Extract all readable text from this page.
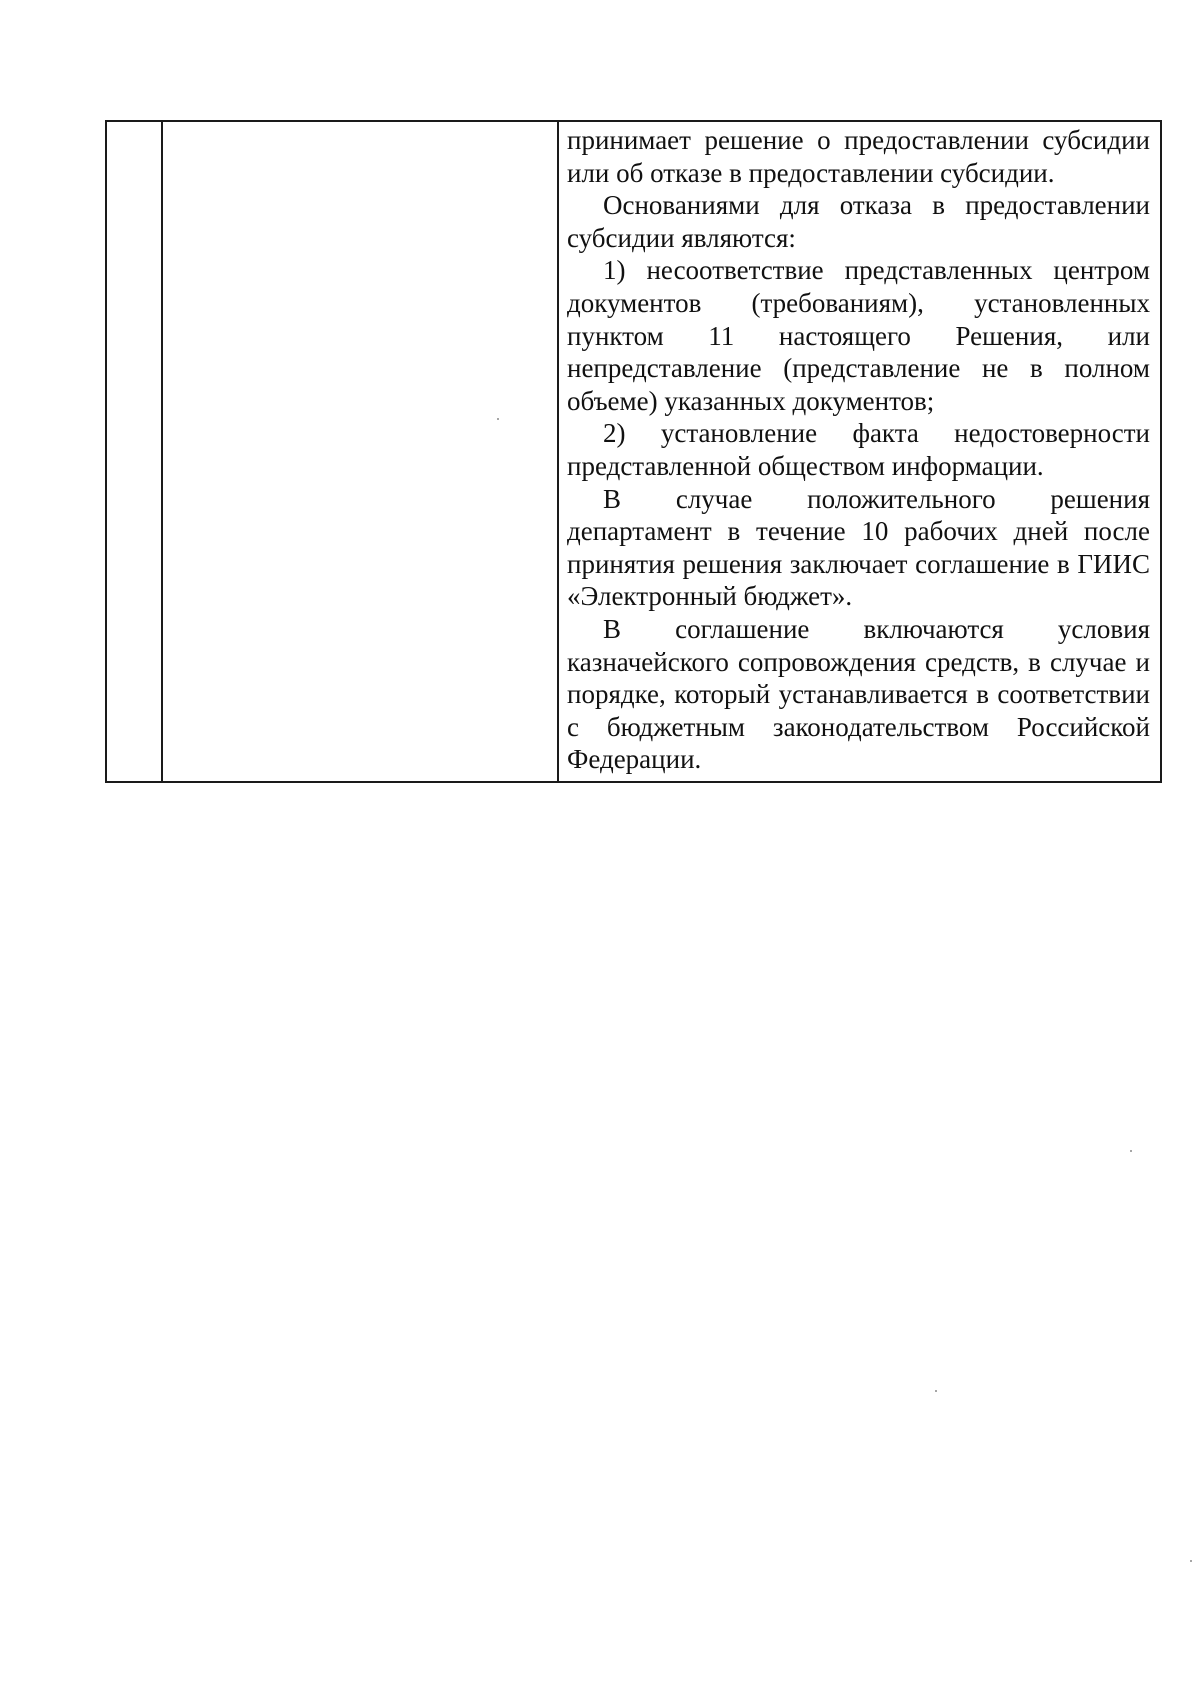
принимает решение о предоставлении субсидии или об отказе в предоставлении субсидии.

Основаниями для отказа в предоставлении субсидии являются:

1) несоответствие представленных центром документов (требованиям), установленных пунктом 11 настоящего Решения, или непредставление (представление не в полном объеме) указанных документов;

2) установление факта недостоверности представленной обществом информации.

В случае положительного решения департамент в течение 10 рабочих дней после принятия решения заключает соглашение в ГИИС «Электронный бюджет».

В соглашение включаются условия казначейского сопровождения средств, в случае и порядке, который устанавливается в соответствии с бюджетным законодательством Российской Федерации.
